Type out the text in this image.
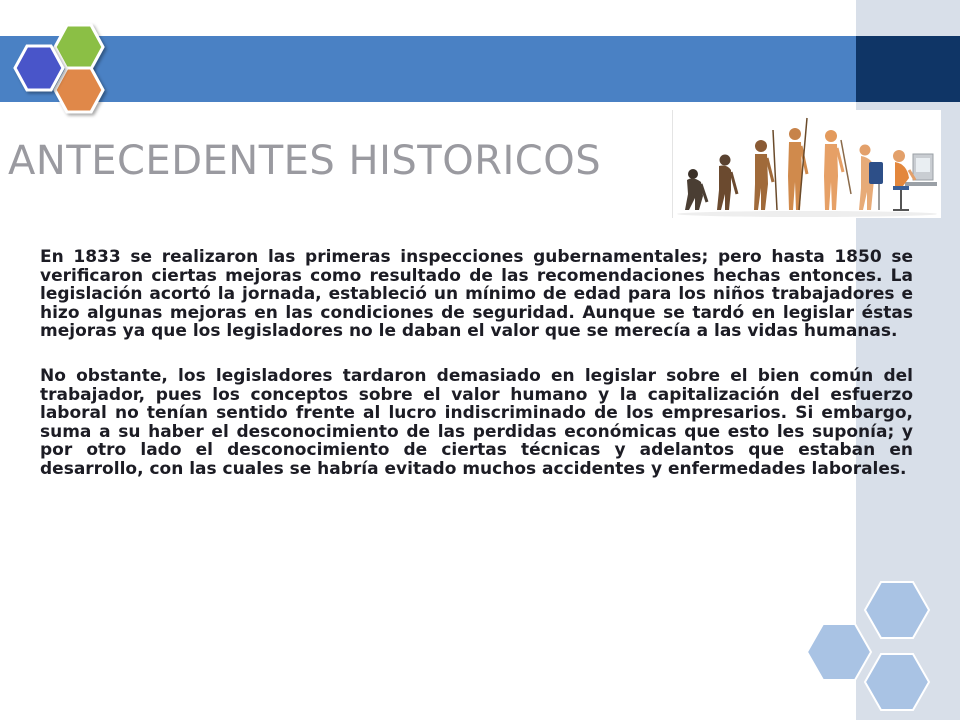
ANTECEDENTES HISTORICOS

En 1833 se realizaron las primeras inspecciones gubernamentales; pero hasta 1850 se verificaron ciertas mejoras como resultado de las recomendaciones hechas entonces. La legislación acortó la jornada, estableció un mínimo de edad para los niños trabajadores e hizo algunas mejoras en las condiciones de seguridad. Aunque se tardó en legislar éstas mejoras ya que los legisladores no le daban el valor que se merecía a las vidas humanas.

No obstante, los legisladores tardaron demasiado en legislar sobre el bien común del trabajador, pues los conceptos sobre el valor humano y la capitalización del esfuerzo laboral no tenían sentido frente al lucro indiscriminado de los empresarios. Si embargo, suma a su haber el desconocimiento de las perdidas económicas que esto les suponía; y por otro lado el desconocimiento de ciertas técnicas y adelantos que estaban en desarrollo, con las cuales se habría evitado muchos accidentes y enfermedades laborales.
